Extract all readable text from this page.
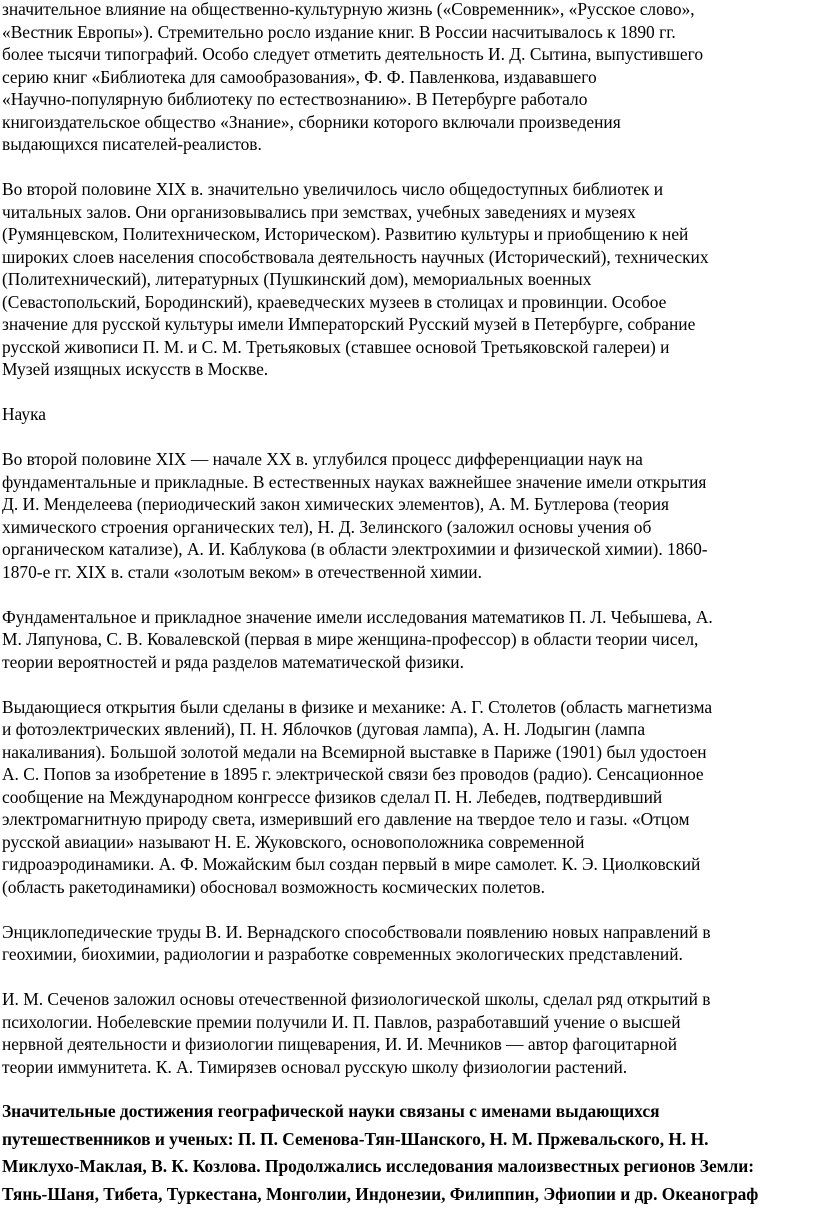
значительное влияние на общественно-культурную жизнь («Современник», «Русское слово»,
«Вестник Европы»). Стремительно росло издание книг. В России насчитывалось к 1890 гг.
более тысячи типографий. Особо следует отметить деятельность И. Д. Сытина, выпустившего
серию книг «Библиотека для самообразования», Ф. Ф. Павленкова, издававшего
«Научно-популярную библиотеку по естествознанию». В Петербурге работало
книгоиздательское общество «Знание», сборники которого включали произведения
выдающихся писателей-реалистов.

Во второй половине XIX в. значительно увеличилось число общедоступных библиотек и
читальных залов. Они организовывались при земствах, учебных заведениях и музеях
(Румянцевском, Политехническом, Историческом). Развитию культуры и приобщению к ней
широких слоев населения способствовала деятельность научных (Исторический), технических
(Политехнический), литературных (Пушкинский дом), мемориальных военных
(Севастопольский, Бородинский), краеведческих музеев в столицах и провинции. Особое
значение для русской культуры имели Императорский Русский музей в Петербурге, собрание
русской живописи П. М. и С. М. Третьяковых (ставшее основой Третьяковской галереи) и
Музей изящных искусств в Москве.

Наука

Во второй половине XIX — начале XX в. углубился процесс дифференциации наук на
фундаментальные и прикладные. В естественных науках важнейшее значение имели открытия
Д. И. Менделеева (периодический закон химических элементов), А. М. Бутлерова (теория
химического строения органических тел), Н. Д. Зелинского (заложил основы учения об
органическом катализе), А. И. Каблукова (в области электрохимии и физической химии). 1860-
1870-е гг. XIX в. стали «золотым веком» в отечественной химии.

Фундаментальное и прикладное значение имели исследования математиков П. Л. Чебышева, А.
М. Ляпунова, С. В. Ковалевской (первая в мире женщина-профессор) в области теории чисел,
теории вероятностей и ряда разделов математической физики.

Выдающиеся открытия были сделаны в физике и механике: А. Г. Столетов (область магнетизма
и фотоэлектрических явлений), П. Н. Яблочков (дуговая лампа), А. Н. Лодыгин (лампа
накаливания). Большой золотой медали на Всемирной выставке в Париже (1901) был удостоен
А. С. Попов за изобретение в 1895 г. электрической связи без проводов (радио). Сенсационное
сообщение на Международном конгрессе физиков сделал П. Н. Лебедев, подтвердивший
электромагнитную природу света, измеривший его давление на твердое тело и газы. «Отцом
русской авиации» называют Н. Е. Жуковского, основоположника современной
гидроаэродинамики. А. Ф. Можайским был создан первый в мире самолет. К. Э. Циолковский
(область ракетодинамики) обосновал возможность космических полетов.

Энциклопедические труды В. И. Вернадского способствовали появлению новых направлений в
геохимии, биохимии, радиологии и разработке современных экологических представлений.

И. М. Сеченов заложил основы отечественной физиологической школы, сделал ряд открытий в
психологии. Нобелевские премии получили И. П. Павлов, разработавший учение о высшей
нервной деятельности и физиологии пищеварения, И. И. Мечников — автор фагоцитарной
теории иммунитета. К. А. Тимирязев основал русскую школу физиологии растений.

Значительные достижения географической науки связаны с именами выдающихся
путешественников и ученых: П. П. Семенова-Тян-Шанского, Н. М. Пржевальского, Н. Н.
Миклухо-Маклая, В. К. Козлова. Продолжались исследования малоизвестных регионов Земли:
Тянь-Шаня, Тибета, Туркестана, Монголии, Индонезии, Филиппин, Эфиопии и др. Океанограф
